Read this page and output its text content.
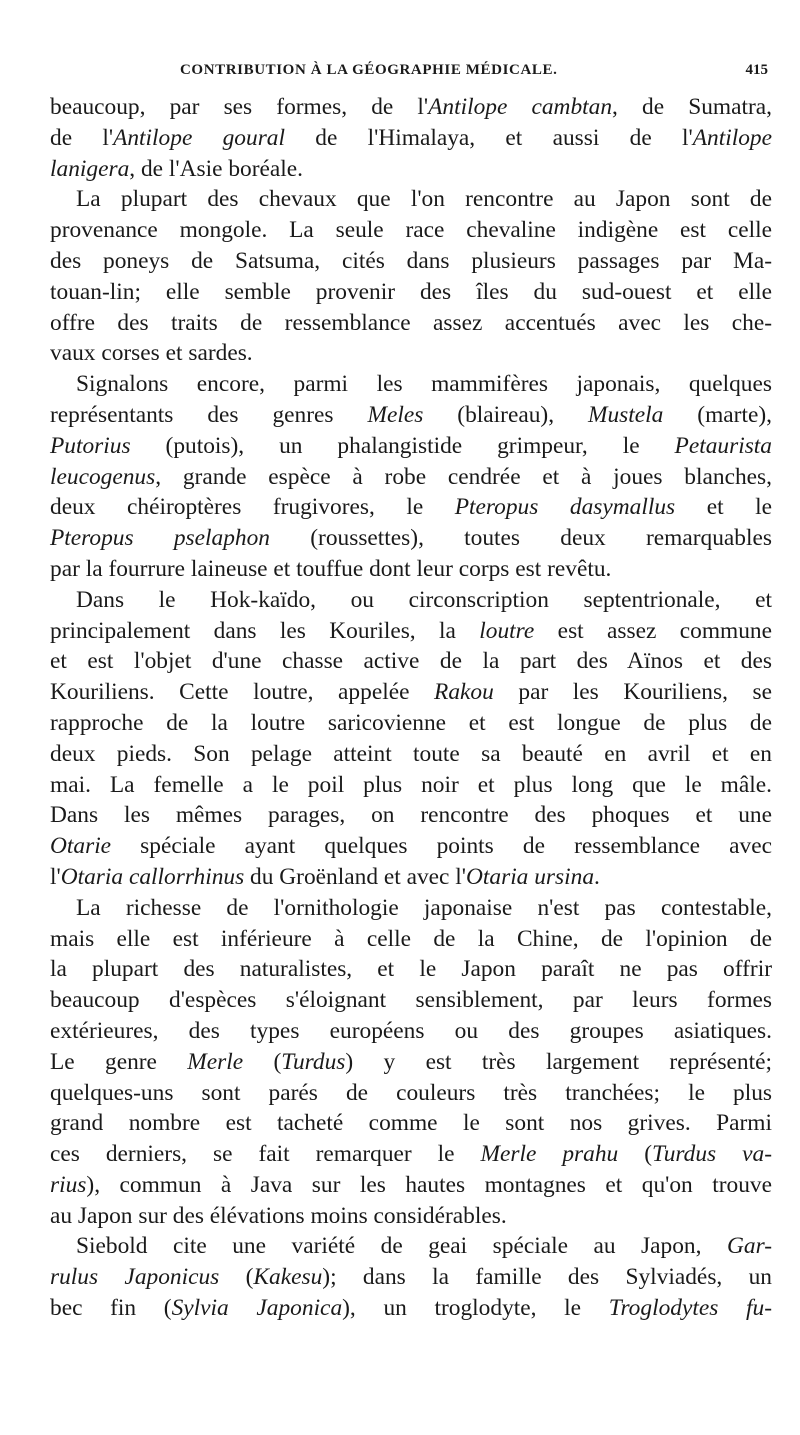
CONTRIBUTION À LA GÉOGRAPHIE MÉDICALE.	415
beaucoup, par ses formes, de l'Antilope cambtan, de Sumatra,
de l'Antilope goural de l'Himalaya, et aussi de l'Antilope
lanigera, de l'Asie boréale.
La plupart des chevaux que l'on rencontre au Japon sont de
provenance mongole. La seule race chevaline indigène est celle
des poneys de Satsuma, cités dans plusieurs passages par Ma-
touan-lin; elle semble provenir des îles du sud-ouest et elle
offre des traits de ressemblance assez accentués avec les che-
vaux corses et sardes.
Signalons encore, parmi les mammifères japonais, quelques
représentants des genres Meles (blaireau), Mustela (marte),
Putorius (putois), un phalangistide grimpeur, le Petaurista
leucogenus, grande espèce à robe cendrée et à joues blanches,
deux chéiroptères frugivores, le Pteropus dasymallus et le
Pteropus pselaphon (roussettes), toutes deux remarquables
par la fourrure laineuse et touffue dont leur corps est revêtu.
Dans le Hok-kaïdo, ou circonscription septentrionale, et
principalement dans les Kouriles, la loutre est assez commune
et est l'objet d'une chasse active de la part des Aïnos et des
Kouriliens. Cette loutre, appelée Rakou par les Kouriliens, se
rapproche de la loutre saricovienne et est longue de plus de
deux pieds. Son pelage atteint toute sa beauté en avril et en
mai. La femelle a le poil plus noir et plus long que le mâle.
Dans les mêmes parages, on rencontre des phoques et une
Otarie spéciale ayant quelques points de ressemblance avec
l'Otaria callorrhinus du Groënland et avec l'Otaria ursina.
La richesse de l'ornithologie japonaise n'est pas contestable,
mais elle est inférieure à celle de la Chine, de l'opinion de
la plupart des naturalistes, et le Japon paraît ne pas offrir
beaucoup d'espèces s'éloignant sensiblement, par leurs formes
extérieures, des types européens ou des groupes asiatiques.
Le genre Merle (Turdus) y est très largement représenté;
quelques-uns sont parés de couleurs très tranchées; le plus
grand nombre est tacheté comme le sont nos grives. Parmi
ces derniers, se fait remarquer le Merle prahu (Turdus va-
rius), commun à Java sur les hautes montagnes et qu'on trouve
au Japon sur des élévations moins considérables.
Siebold cite une variété de geai spéciale au Japon, Gar-
rulus Japonicus (Kakesu); dans la famille des Sylviadés, un
bec fin (Sylvia Japonica), un troglodyte, le Troglodytes fu-
